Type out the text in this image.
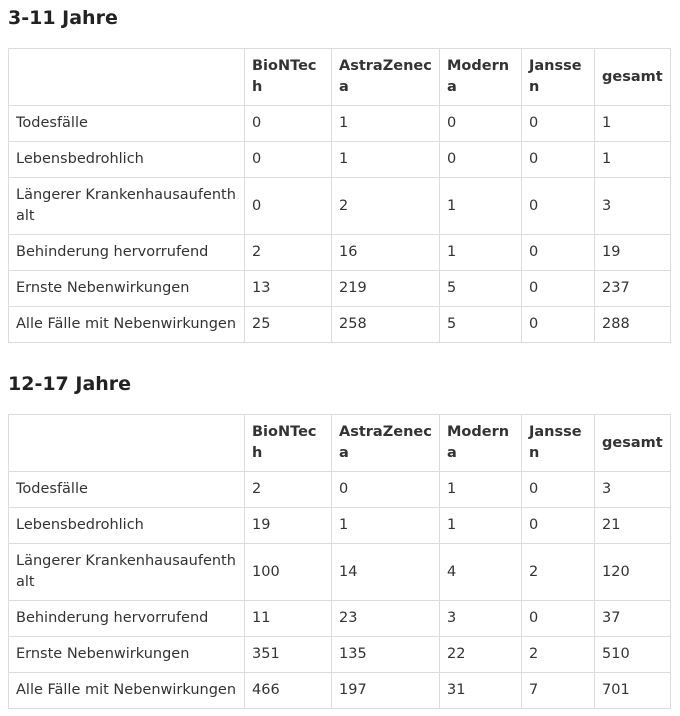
3-11 Jahre
	BioNTech	AstraZeneca	Moderna	Janssen	gesamt
Todesfälle	0	1	0	0	1
Lebensbedrohlich	0	1	0	0	1
Längerer Krankenhausaufenthalt	0	2	1	0	3
Behinderung hervorrufend	2	16	1	0	19
Ernste Nebenwirkungen	13	219	5	0	237
Alle Fälle mit Nebenwirkungen	25	258	5	0	288
12-17 Jahre
	BioNTech	AstraZeneca	Moderna	Janssen	gesamt
Todesfälle	2	0	1	0	3
Lebensbedrohlich	19	1	1	0	21
Längerer Krankenhausaufenthalt	100	14	4	2	120
Behinderung hervorrufend	11	23	3	0	37
Ernste Nebenwirkungen	351	135	22	2	510
Alle Fälle mit Nebenwirkungen	466	197	31	7	701
